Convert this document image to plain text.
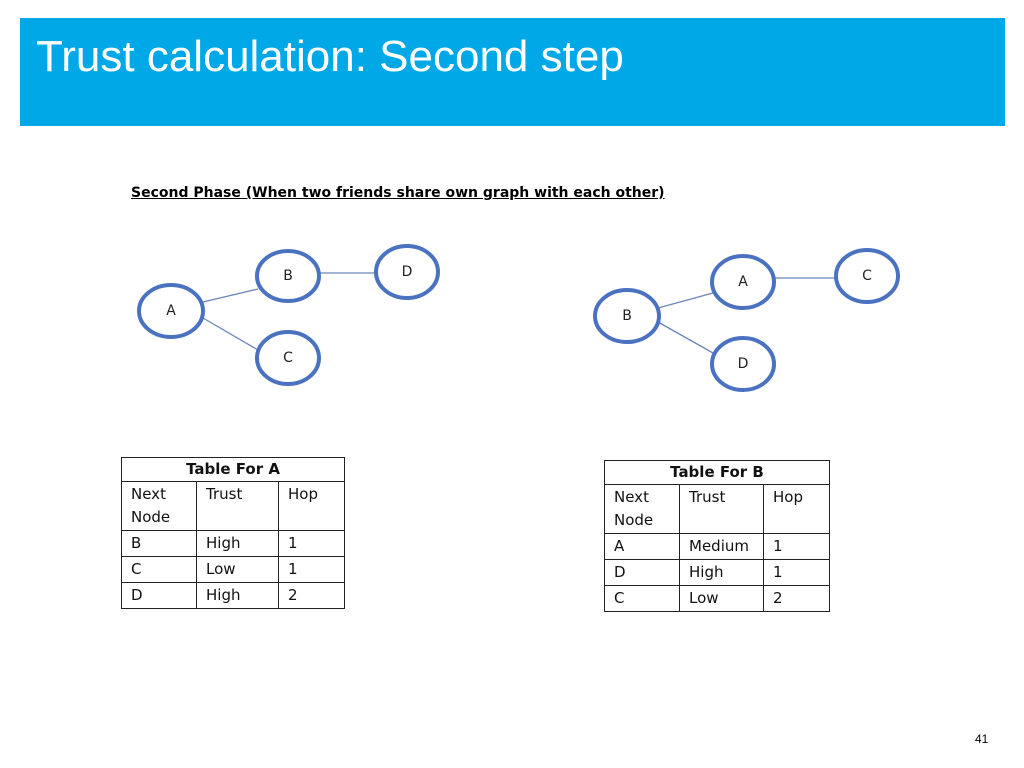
Trust calculation: Second step
Second Phase (When two friends share own graph with each other)
A
B
C
D
B
A
D
C
Table For A		
Next Node	Trust	Hop
B	High	1
C	Low	1
D	High	2
Table For B		
Next Node	Trust	Hop
A	Medium	1
D	High	1
C	Low	2
41
